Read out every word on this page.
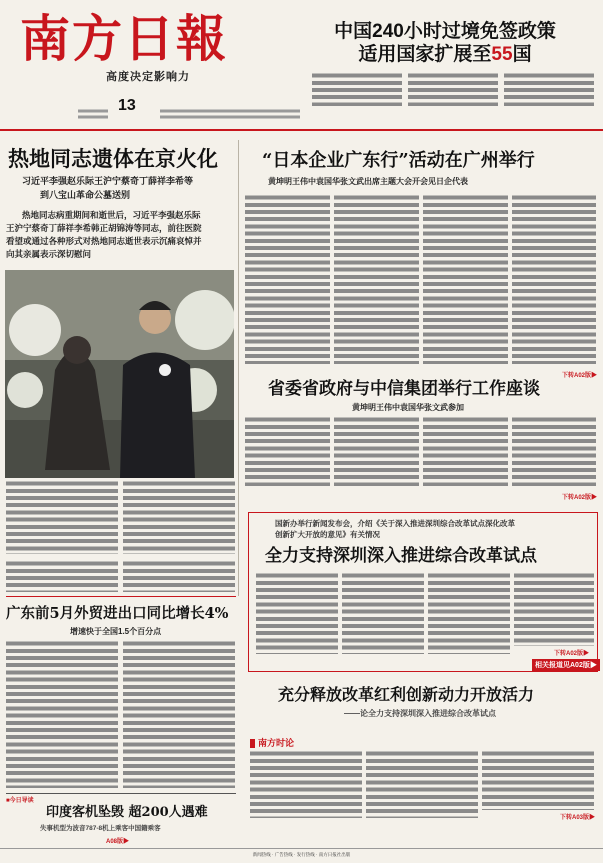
南方日報
高度决定影响力
中国240小时过境免签政策
适用国家扩展至55国
13
热地同志遗体在京火化
习近平李强赵乐际王沪宁蔡奇丁薛祥李希等
到八宝山革命公墓送别
热地同志病重期间和逝世后，习近平李强赵乐际
王沪宁蔡奇丁薛祥李希韩正胡锦涛等同志，前往医院
看望或通过各种形式对热地同志逝世表示沉痛哀悼并
向其亲属表示深切慰问
“日本企业广东行”活动在广州举行
黄坤明王伟中袁国华张文武出席主题大会开会见日企代表
下转A02版▶
省委省政府与中信集团举行工作座谈
黄坤明王伟中袁国华张文武参加
下转A02版▶
国新办举行新闻发布会，介绍《关于深入推进深圳综合改革试点深化改革
创新扩大开放的意见》有关情况
全力支持深圳深入推进综合改革试点
下转A02版▶
相关报道见A02版▶
广东前5月外贸进出口同比增长4%
增速快于全国1.5个百分点
充分释放改革红利创新动力开放活力
——论全力支持深圳深入推进综合改革试点
南方时论
下转A03版▶
■今日导读
印度客机坠毁 超200人遇难
失事机型为波音787-8机上乘客中国籍乘客
A08版▶
新闻热线 · 广告热线 · 发行热线 · 南方日报社出版
